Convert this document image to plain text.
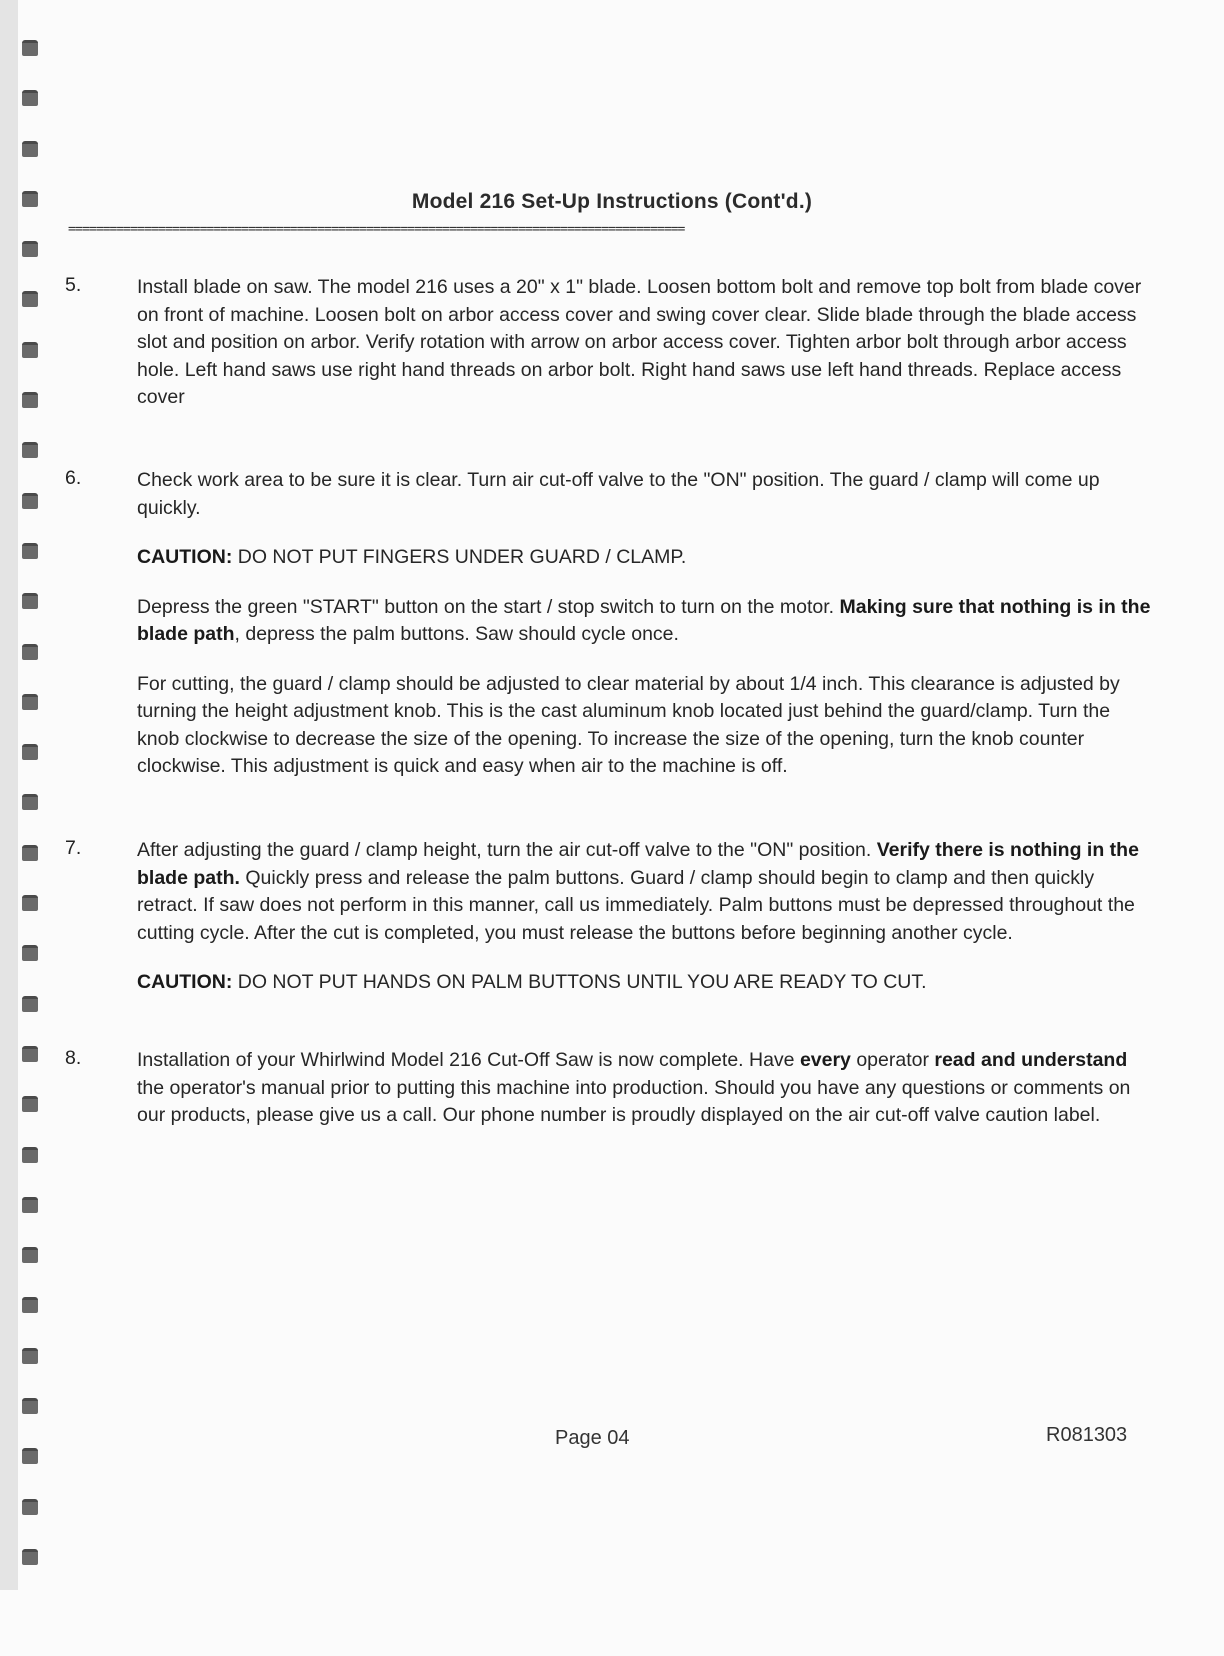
Model 216 Set-Up Instructions (Cont'd.)
=========================================================================================
5.	Install blade on saw. The model 216 uses a 20" x 1" blade. Loosen bottom bolt and remove top bolt from blade cover on front of machine. Loosen bolt on arbor access cover and swing cover clear. Slide blade through the blade access slot and position on arbor. Verify rotation with arrow on arbor access cover. Tighten arbor bolt through arbor access hole. Left hand saws use right hand threads on arbor bolt. Right hand saws use left hand threads. Replace access cover

6.	Check work area to be sure it is clear. Turn air cut-off valve to the "ON" position. The guard / clamp will come up quickly.

CAUTION: DO NOT PUT FINGERS UNDER GUARD / CLAMP.

Depress the green "START" button on the start / stop switch to turn on the motor. Making sure that nothing is in the blade path, depress the palm buttons. Saw should cycle once.

For cutting, the guard / clamp should be adjusted to clear material by about 1/4 inch. This clearance is adjusted by turning the height adjustment knob. This is the cast aluminum knob located just behind the guard/clamp. Turn the knob clockwise to decrease the size of the opening. To increase the size of the opening, turn the knob counter clockwise. This adjustment is quick and easy when air to the machine is off.

7.	After adjusting the guard / clamp height, turn the air cut-off valve to the "ON" position. Verify there is nothing in the blade path. Quickly press and release the palm buttons. Guard / clamp should begin to clamp and then quickly retract. If saw does not perform in this manner, call us immediately. Palm buttons must be depressed throughout the cutting cycle. After the cut is completed, you must release the buttons before beginning another cycle.

CAUTION: DO NOT PUT HANDS ON PALM BUTTONS UNTIL YOU ARE READY TO CUT.

8.	Installation of your Whirlwind Model 216 Cut-Off Saw is now complete. Have every operator read and understand the operator's manual prior to putting this machine into production. Should you have any questions or comments on our products, please give us a call. Our phone number is proudly displayed on the air cut-off valve caution label.

Page 04	R081303
